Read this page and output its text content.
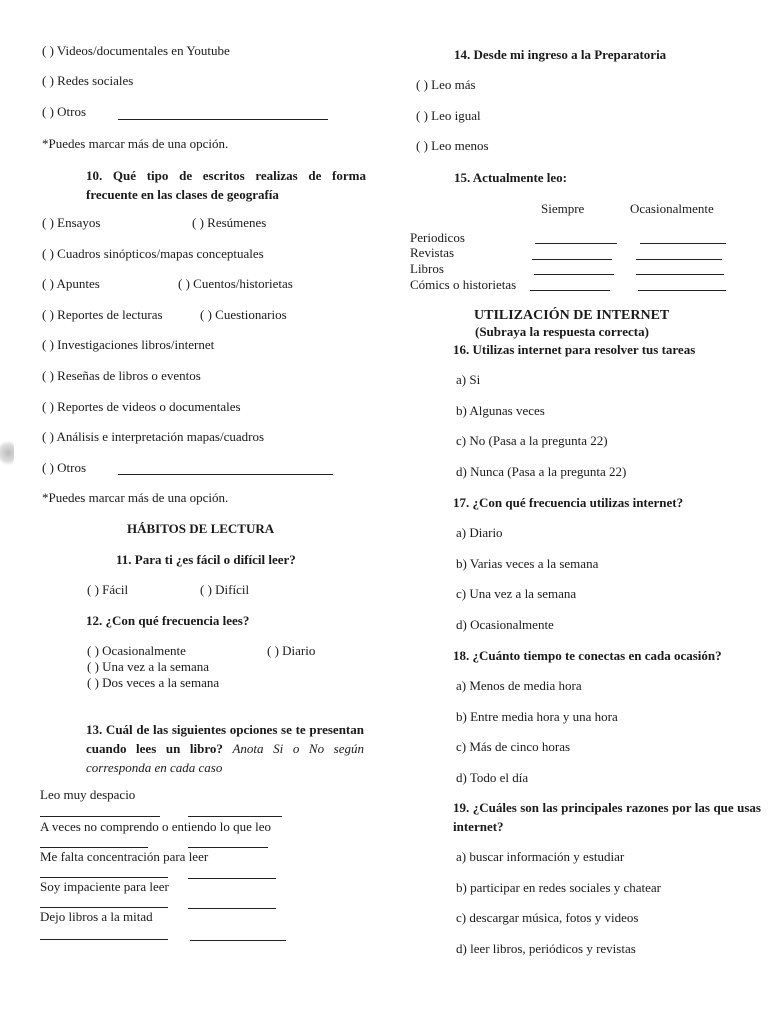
( ) Videos/documentales en Youtube
( ) Redes sociales
( ) Otros
*Puedes marcar más de una opción.
10. Qué tipo de escritos realizas de forma frecuente en las clases de geografía
( ) Ensayos	( ) Resúmenes
( ) Cuadros sinópticos/mapas conceptuales
( ) Apuntes	( ) Cuentos/historietas
( ) Reportes de lecturas	( ) Cuestionarios
( ) Investigaciones libros/internet
( ) Reseñas de libros o eventos
( ) Reportes de videos o documentales
( ) Análisis e interpretación mapas/cuadros
( ) Otros
*Puedes marcar más de una opción.
HÁBITOS DE LECTURA
11. Para ti ¿es fácil o difícil leer?
( ) Fácil	( ) Difícil
12. ¿Con qué frecuencia lees?
( ) Ocasionalmente	( ) Diario
( ) Una vez a la semana
( ) Dos veces a la semana
13. Cuál de las siguientes opciones se te presentan cuando lees un libro? Anota Si o No según corresponda en cada caso
Leo muy despacio
A veces no comprendo o entiendo lo que leo
Me falta concentración para leer
Soy impaciente para leer
Dejo libros a la mitad
14. Desde mi ingreso a la Preparatoria
( ) Leo más
( ) Leo igual
( ) Leo menos
15. Actualmente leo:
Siempre	Ocasionalmente
Periodicos
Revistas
Libros
Cómics o historietas
UTILIZACIÓN DE INTERNET
(Subraya la respuesta correcta)
16. Utilizas internet para resolver tus tareas
a) Si
b) Algunas veces
c) No (Pasa a la pregunta 22)
d) Nunca (Pasa a la pregunta 22)
17. ¿Con qué frecuencia utilizas internet?
a) Diario
b) Varias veces a la semana
c) Una vez a la semana
d) Ocasionalmente
18. ¿Cuánto tiempo te conectas en cada ocasión?
a) Menos de media hora
b) Entre media hora y una hora
c) Más de cinco horas
d) Todo el día
19. ¿Cuáles son las principales razones por las que usas internet?
a) buscar información y estudiar
b) participar en redes sociales y chatear
c) descargar música, fotos y videos
d) leer libros, periódicos y revistas
